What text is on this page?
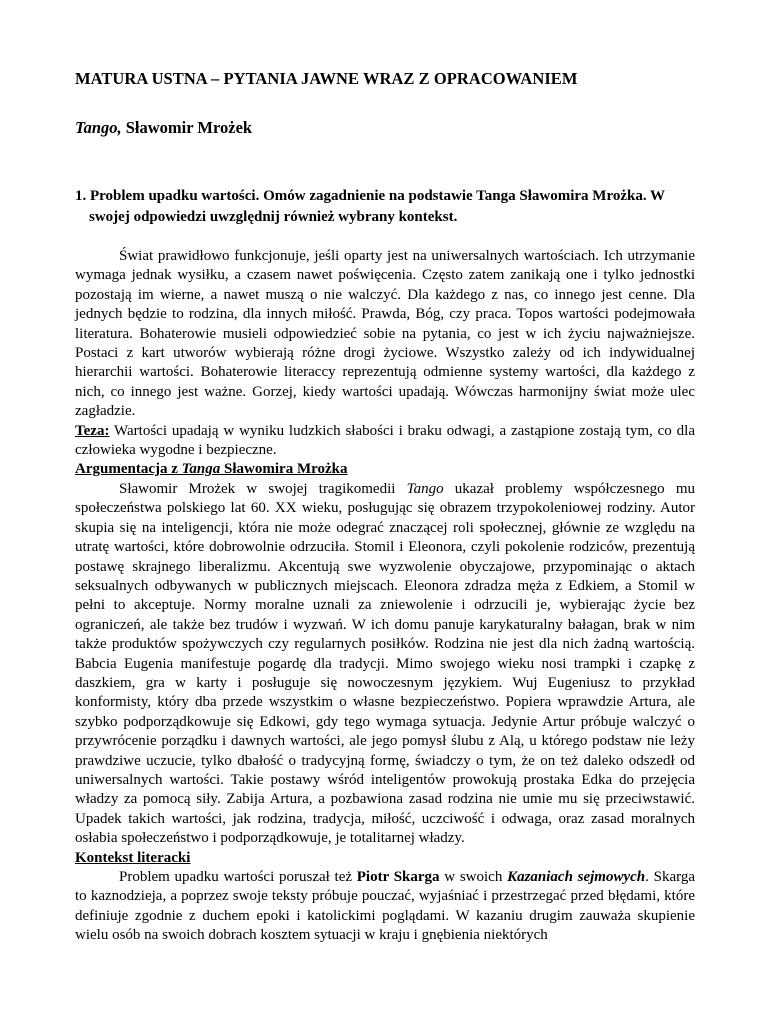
MATURA USTNA – PYTANIA JAWNE WRAZ Z OPRACOWANIEM
Tango, Sławomir Mrożek
1. Problem upadku wartości. Omów zagadnienie na podstawie Tanga Sławomira Mrożka. W
swojej odpowiedzi uwzględnij również wybrany kontekst.

Świat prawidłowo funkcjonuje, jeśli oparty jest na uniwersalnych wartościach. Ich utrzymanie wymaga jednak wysiłku, a czasem nawet poświęcenia. Często zatem zanikają one i tylko jednostki pozostają im wierne, a nawet muszą o nie walczyć. Dla każdego z nas, co innego jest cenne. Dla jednych będzie to rodzina, dla innych miłość. Prawda, Bóg, czy praca. Topos wartości podejmowała literatura. Bohaterowie musieli odpowiedzieć sobie na pytania, co jest w ich życiu najważniejsze. Postaci z kart utworów wybierają różne drogi życiowe. Wszystko zależy od ich indywidualnej hierarchii wartości. Bohaterowie literaccy reprezentują odmienne systemy wartości, dla każdego z nich, co innego jest ważne. Gorzej, kiedy wartości upadają. Wówczas harmonijny świat może ulec zagładzie.

Teza: Wartości upadają w wyniku ludzkich słabości i braku odwagi, a zastąpione zostają tym, co dla człowieka wygodne i bezpieczne.

Argumentacja z Tanga Sławomira Mrożka

Sławomir Mrożek w swojej tragikomedii Tango ukazał problemy współczesnego mu społeczeństwa polskiego lat 60. XX wieku, posługując się obrazem trzypokoleniowej rodziny. Autor skupia się na inteligencji, która nie może odegrać znaczącej roli społecznej, głównie ze względu na utratę wartości, które dobrowolnie odrzuciła. Stomil i Eleonora, czyli pokolenie rodziców, prezentują postawę skrajnego liberalizmu. Akcentują swe wyzwolenie obyczajowe, przypominając o aktach seksualnych odbywanych w publicznych miejscach. Eleonora zdradza męża z Edkiem, a Stomil w pełni to akceptuje. Normy moralne uznali za zniewolenie i odrzucili je, wybierając życie bez ograniczeń, ale także bez trudów i wyzwań. W ich domu panuje karykaturalny bałagan, brak w nim także produktów spożywczych czy regularnych posiłków. Rodzina nie jest dla nich żadną wartością. Babcia Eugenia manifestuje pogardę dla tradycji. Mimo swojego wieku nosi trampki i czapkę z daszkiem, gra w karty i posługuje się nowoczesnym językiem. Wuj Eugeniusz to przykład konformisty, który dba przede wszystkim o własne bezpieczeństwo. Popiera wprawdzie Artura, ale szybko podporządkowuje się Edkowi, gdy tego wymaga sytuacja. Jedynie Artur próbuje walczyć o przywrócenie porządku i dawnych wartości, ale jego pomysł ślubu z Alą, u którego podstaw nie leży prawdziwe uczucie, tylko dbałość o tradycyjną formę, świadczy o tym, że on też daleko odszedł od uniwersalnych wartości. Takie postawy wśród inteligentów prowokują prostaka Edka do przejęcia władzy za pomocą siły. Zabija Artura, a pozbawiona zasad rodzina nie umie mu się przeciwstawić. Upadek takich wartości, jak rodzina, tradycja, miłość, uczciwość i odwaga, oraz zasad moralnych osłabia społeczeństwo i podporządkowuje, je totalitarnej władzy.

Kontekst literacki

Problem upadku wartości poruszał też Piotr Skarga w swoich Kazaniach sejmowych. Skarga to kaznodzieja, a poprzez swoje teksty próbuje pouczać, wyjaśniać i przestrzegać przed błędami, które definiuje zgodnie z duchem epoki i katolickimi poglądami. W kazaniu drugim zauważa skupienie wielu osób na swoich dobrach kosztem sytuacji w kraju i gnębienia niektórych
